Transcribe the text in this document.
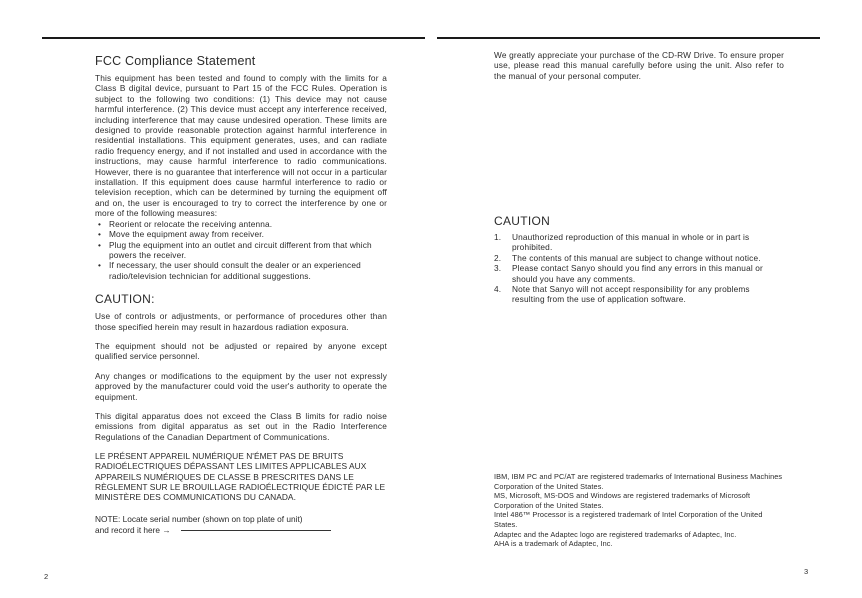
FCC Compliance Statement

This equipment has been tested and found to comply with the limits for a Class B digital device, pursuant to Part 15 of the FCC Rules. Operation is subject to the following two conditions: (1) This device may not cause harmful interference. (2) This device must accept any interference received, including interference that may cause undesired operation. These limits are designed to provide reasonable protection against harmful interference in residential installations. This equipment generates, uses, and can radiate radio frequency energy, and if not installed and used in accordance with the instructions, may cause harmful interference to radio communications. However, there is no guarantee that interference will not occur in a particular installation. If this equipment does cause harmful interference to radio or television reception, which can be determined by turning the equipment off and on, the user is encouraged to try to correct the interference by one or more of the following measures:

• Reorient or relocate the receiving antenna.
• Move the equipment away from receiver.
• Plug the equipment into an outlet and circuit different from that which powers the receiver.
• If necessary, the user should consult the dealer or an experienced radio/television technician for additional suggestions.
CAUTION:

Use of controls or adjustments, or performance of procedures other than those specified herein may result in hazardous radiation exposura.

The equipment should not be adjusted or repaired by anyone except qualified service personnel.

Any changes or modifications to the equipment by the user not expressly approved by the manufacturer could void the user's authority to operate the equipment.

This digital apparatus does not exceed the Class B limits for radio noise emissions from digital apparatus as set out in the Radio Interference Regulations of the Canadian Department of Communications.

LE PRÉSENT APPAREIL NUMÉRIQUE N'ÉMET PAS DE BRUITS RADIOÉLECTRIQUES DÉPASSANT LES LIMITES APPLICABLES AUX APPAREILS NUMÉRIQUES DE CLASSE B PRESCRITES DANS LE RÈGLEMENT SUR LE BROUILLAGE RADIOÉLECTRIQUE ÉDICTÉ PAR LE MINISTÈRE DES COMMUNICATIONS DU CANADA.

NOTE: Locate serial number (shown on top plate of unit)
and record it here →

2

We greatly appreciate your purchase of the CD-RW Drive. To ensure proper use, please read this manual carefully before using the unit. Also refer to the manual of your personal computer.

CAUTION
1. Unauthorized reproduction of this manual in whole or in part is prohibited.
2. The contents of this manual are subject to change without notice.
3. Please contact Sanyo should you find any errors in this manual or should you have any comments.
4. Note that Sanyo will not accept responsibility for any problems resulting from the use of application software.

IBM, IBM PC and PC/AT are registered trademarks of International Business Machines Corporation of the United States.

MS, Microsoft, MS-DOS and Windows are registered trademarks of Microsoft Corporation of the United States.

Intel 486™ Processor is a registered trademark of Intel Corporation of the United States.

Adaptec and the Adaptec logo are registered trademarks of Adaptec, Inc.

AHA is a trademark of Adaptec, Inc.

3
